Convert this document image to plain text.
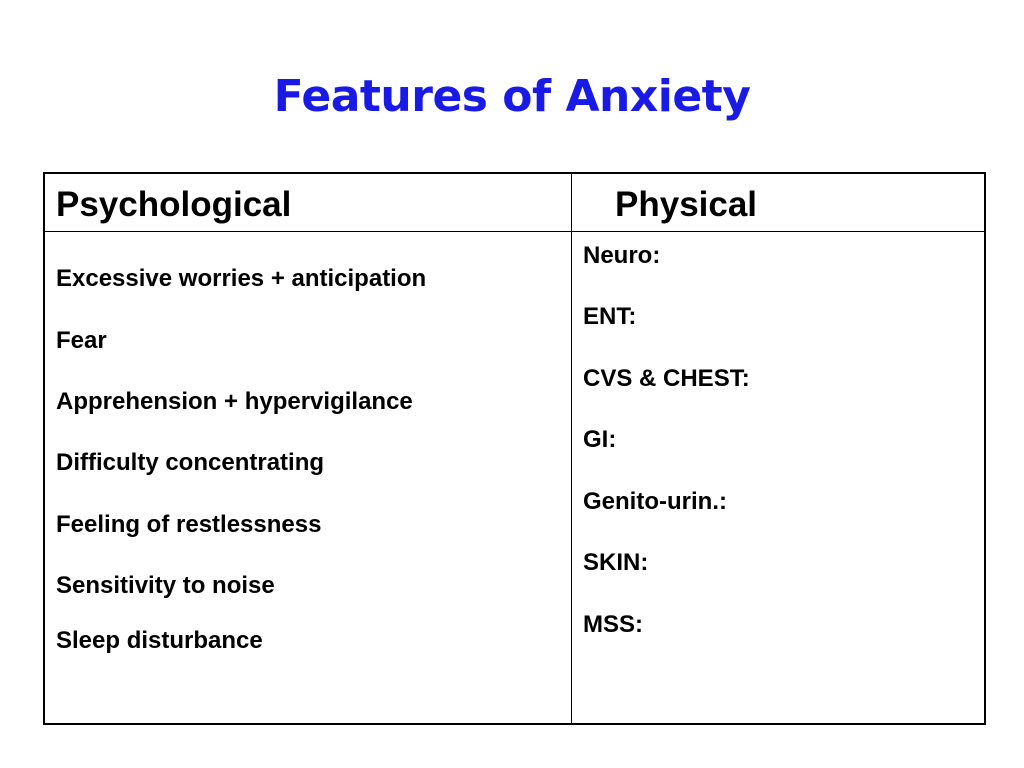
Features of Anxiety
Psychological	Physical
Excessive worries + anticipation
Fear
Apprehension + hypervigilance
Difficulty concentrating
Feeling of restlessness
Sensitivity to noise
Sleep disturbance
Neuro:
ENT:
CVS & CHEST:
GI:
Genito-urin.:
SKIN:
MSS:
